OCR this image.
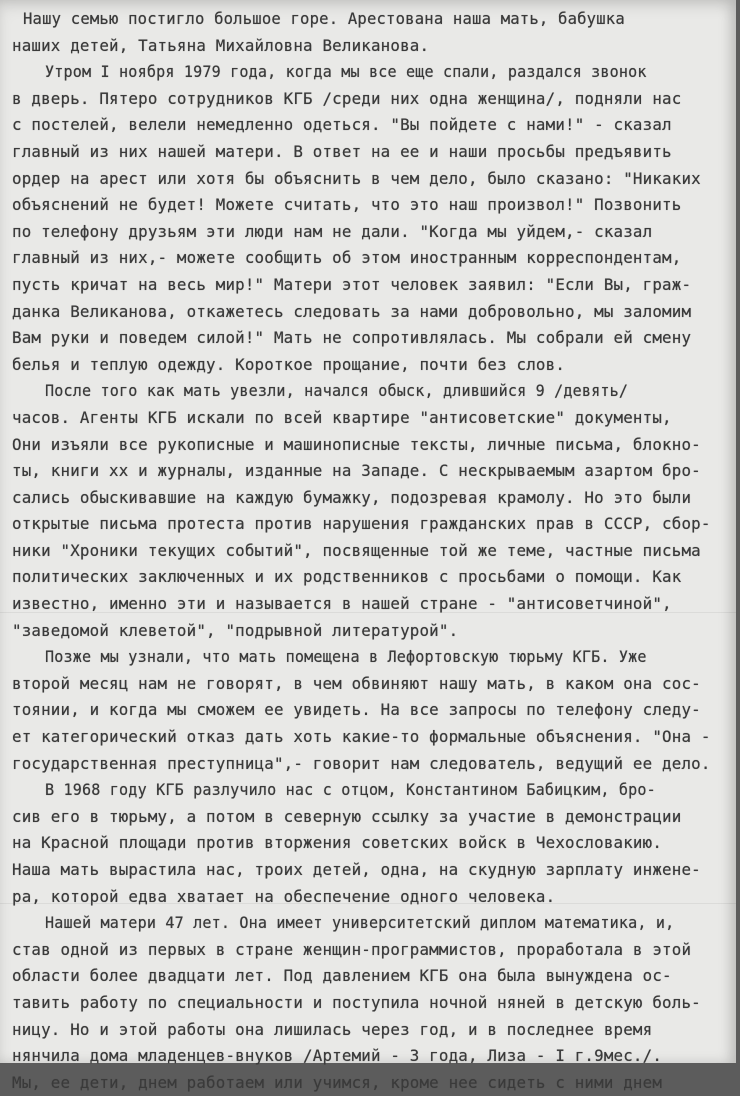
Нашу семью постигло большое горе. Арестована наша мать, бабушка
наших детей, Татьяна Михайловна Великанова.
Утром I ноября 1979 года, когда мы все еще спали, раздался звонок
в дверь. Пятеро сотрудников КГБ /среди них одна женщина/, подняли нас
с постелей, велели немедленно одеться. "Вы пойдете с нами!" - сказал
главный из них нашей матери. В ответ на ее и наши просьбы предъявить
ордер на арест или хотя бы объяснить в чем дело, было сказано: "Никаких
объяснений не будет! Можете считать, что это наш произвол!" Позвонить
по телефону друзьям эти люди нам не дали. "Когда мы уйдем,- сказал
главный из них,- можете сообщить об этом иностранным корреспондентам,
пусть кричат на весь мир!" Матери этот человек заявил: "Если Вы, граж-
данка Великанова, откажетесь следовать за нами добровольно, мы заломим
Вам руки и поведем силой!" Мать не сопротивлялась. Мы собрали ей смену
белья и теплую одежду. Короткое прощание, почти без слов.
После того как мать увезли, начался обыск, длившийся 9 /девять/
часов. Агенты КГБ искали по всей квартире "антисоветские" документы,
Они изъяли все рукописные и машинописные тексты, личные письма, блокно-
ты, книги xx и журналы, изданные на Западе. С нескрываемым азартом бро-
сались обыскивавшие на каждую бумажку, подозревая крамолу. Но это были
открытые письма протеста против нарушения гражданских прав в СССР, сбор-
ники "Хроники текущих событий", посвященные той же теме, частные письма
политических заключенных и их родственников с просьбами о помощи. Как
известно, именно эти и называется в нашей стране - "антисоветчиной",
"заведомой клеветой", "подрывной литературой".
Позже мы узнали, что мать помещена в Лефортовскую тюрьму КГБ. Уже
второй месяц нам не говорят, в чем обвиняют нашу мать, в каком она сос-
тоянии, и когда мы сможем ее увидеть. На все запросы по телефону следу-
ет категорический отказ дать хоть какие-то формальные объяснения. "Она -
государственная преступница",- говорит нам следователь, ведущий ее дело.
В 1968 году КГБ разлучило нас с отцом, Константином Бабицким, бро-
сив его в тюрьму, а потом в северную ссылку за участие в демонстрации
на Красной площади против вторжения советских войск в Чехословакию.
Наша мать вырастила нас, троих детей, одна, на скудную зарплату инжене-
ра, которой едва хватает на обеспечение одного человека.
Нашей матери 47 лет. Она имеет университетский диплом математика, и,
став одной из первых в стране женщин-программистов, проработала в этой
области более двадцати лет. Под давлением КГБ она была вынуждена ос-
тавить работу по специальности и поступила ночной няней в детскую боль-
ницу. Но и этой работы она лишилась через год, и в последнее время
нянчила дома младенцев-внуков /Артемий - 3 года, Лиза - I г.9мес./.
Мы, ее дети, днем работаем или учимся, кроме нее сидеть с ними днем
